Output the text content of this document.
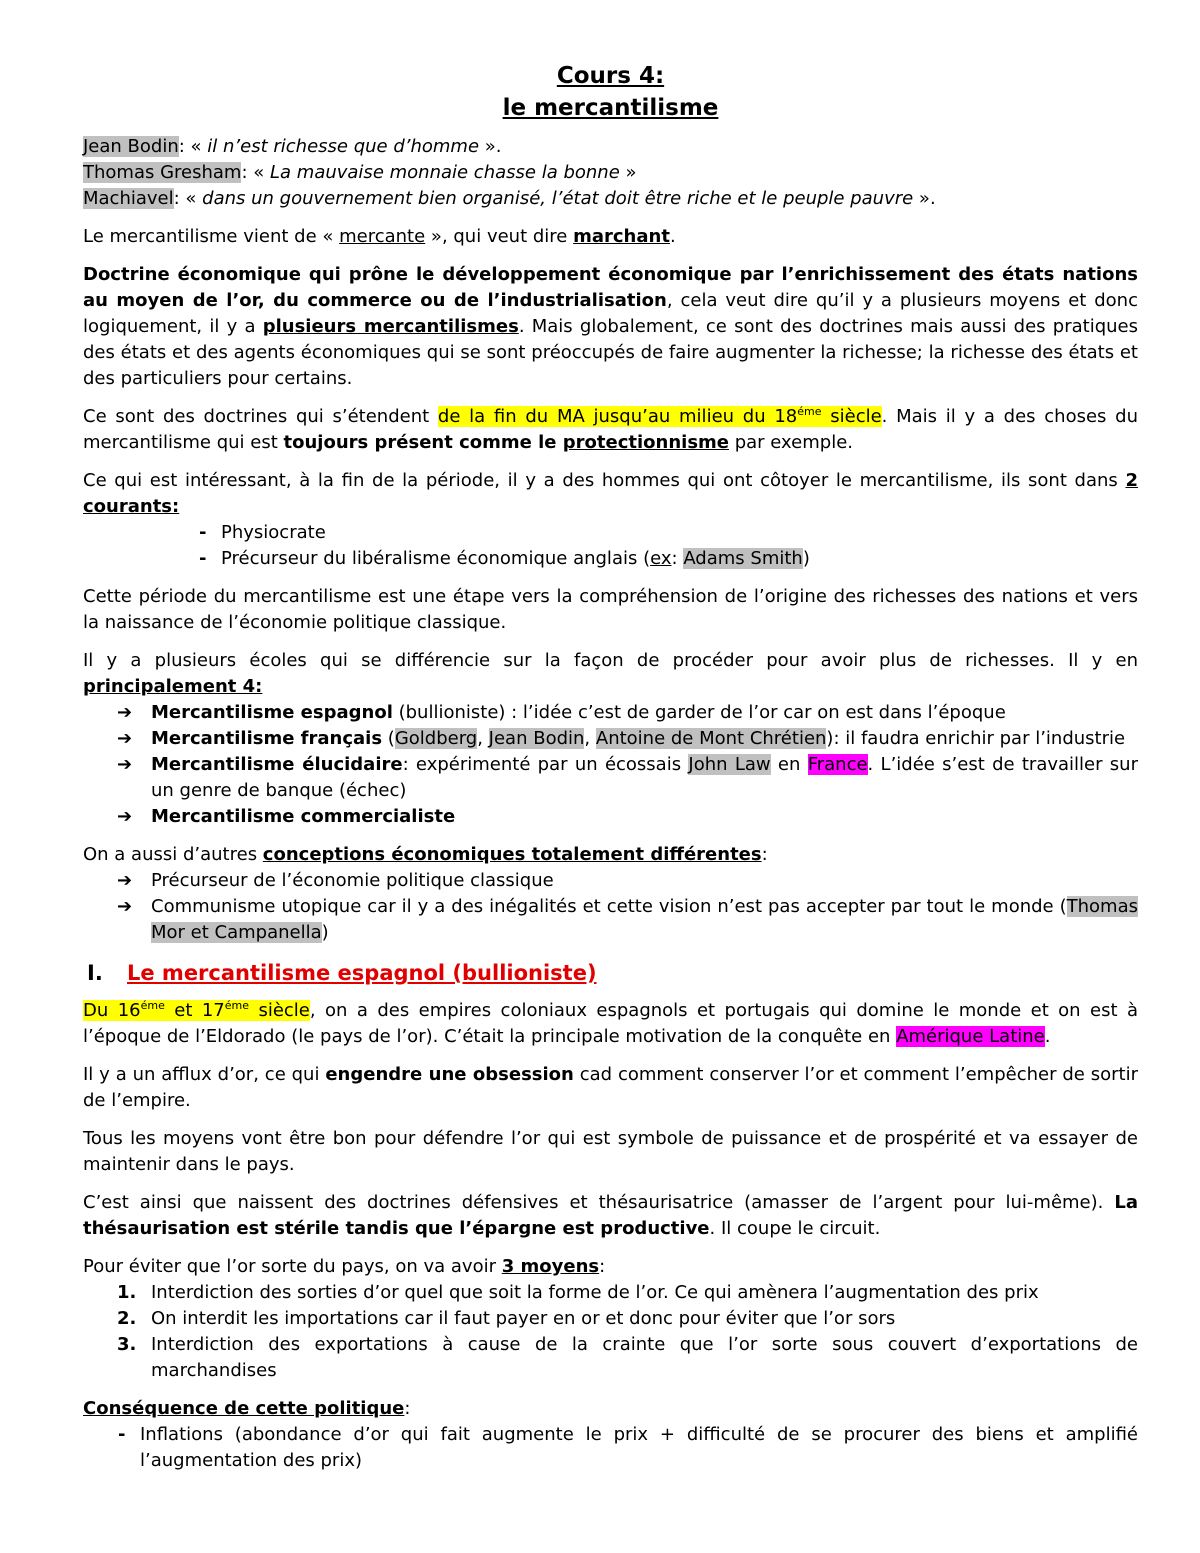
Cours 4:
le mercantilisme

Jean Bodin: « il n’est richesse que d’homme ».

Thomas Gresham: « La mauvaise monnaie chasse la bonne »

Machiavel: « dans un gouvernement bien organisé, l’état doit être riche et le peuple pauvre ».

Le mercantilisme vient de « mercante », qui veut dire marchant.

Doctrine économique qui prône le développement économique par l’enrichissement des états nations au moyen de l’or, du commerce ou de l’industrialisation, cela veut dire qu’il y a plusieurs moyens et donc logiquement, il y a plusieurs mercantilismes. Mais globalement, ce sont des doctrines mais aussi des pratiques des états et des agents économiques qui se sont préoccupés de faire augmenter la richesse; la richesse des états et des particuliers pour certains.

Ce sont des doctrines qui s’étendent de la fin du MA jusqu’au milieu du $18^{éme}$ siècle. Mais il y a des choses du mercantilisme qui est toujours présent comme le protectionnisme par exemple.

Ce qui est intéressant, à la fin de la période, il y a des hommes qui ont côtoyer le mercantilisme, ils sont dans 2 courants:

- Physiocrate
- Précurseur du libéralisme économique anglais (ex: Adams Smith)

Cette période du mercantilisme est une étape vers la compréhension de l’origine des richesses des nations et vers la naissance de l’économie politique classique.

Il y a plusieurs écoles qui se différencie sur la façon de procéder pour avoir plus de richesses. Il y en principalement 4:

➔ Mercantilisme espagnol (bullioniste) : l’idée c’est de garder de l’or car on est dans l’époque
➔ Mercantilisme français (Goldberg, Jean Bodin, Antoine de Mont Chrétien): il faudra enrichir par l’industrie
➔ Mercantilisme élucidaire: expérimenté par un écossais John Law en France. L’idée s’est de travailler sur un genre de banque (échec)
➔ Mercantilisme commercialiste

On a aussi d’autres conceptions économiques totalement différentes:

➔ Précurseur de l’économie politique classique
➔ Communisme utopique car il y a des inégalités et cette vision n’est pas accepter par tout le monde (Thomas Mor et Campanella)
I. Le mercantilisme espagnol (bullioniste)

Du $16^{éme}$ et $17^{éme}$ siècle, on a des empires coloniaux espagnols et portugais qui domine le monde et on est à l’époque de l’Eldorado (le pays de l’or). C’était la principale motivation de la conquête en Amérique Latine.

Il y a un afflux d’or, ce qui engendre une obsession cad comment conserver l’or et comment l’empêcher de sortir de l’empire.

Tous les moyens vont être bon pour défendre l’or qui est symbole de puissance et de prospérité et va essayer de maintenir dans le pays.

C’est ainsi que naissent des doctrines défensives et thésaurisatrice (amasser de l’argent pour lui-même). La thésaurisation est stérile tandis que l’épargne est productive. Il coupe le circuit.

Pour éviter que l’or sorte du pays, on va avoir 3 moyens:

1. Interdiction des sorties d’or quel que soit la forme de l’or. Ce qui amènera l’augmentation des prix
2. On interdit les importations car il faut payer en or et donc pour éviter que l’or sors
3. Interdiction des exportations à cause de la crainte que l’or sorte sous couvert d’exportations de marchandises

Conséquence de cette politique:

- Inflations (abondance d’or qui fait augmente le prix + difficulté de se procurer des biens et amplifié l’augmentation des prix)
